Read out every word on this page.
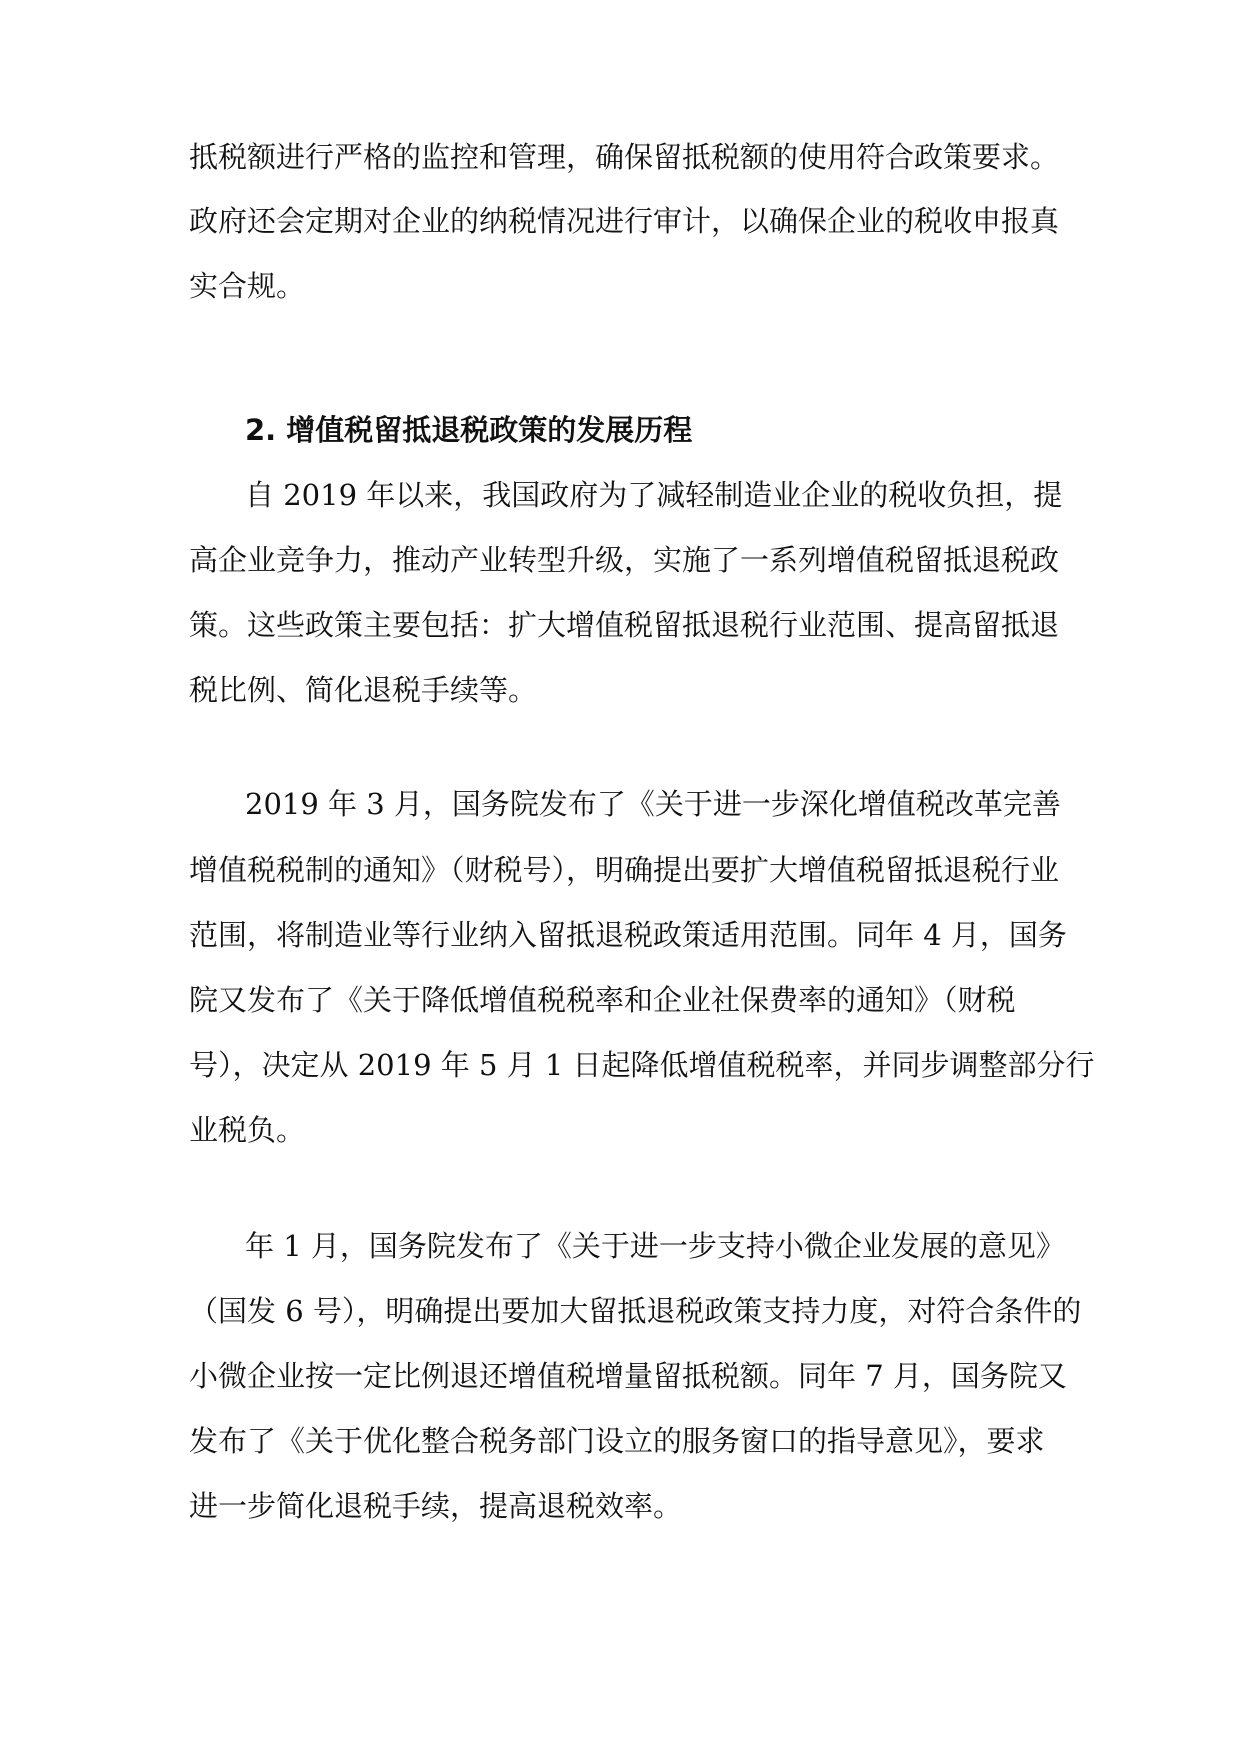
抵税额进行严格的监控和管理，确保留抵税额的使用符合政策要求。
政府还会定期对企业的纳税情况进行审计，以确保企业的税收申报真
实合规。
2. 增值税留抵退税政策的发展历程
自 2019 年以来，我国政府为了减轻制造业企业的税收负担，提
高企业竞争力，推动产业转型升级，实施了一系列增值税留抵退税政
策。这些政策主要包括：扩大增值税留抵退税行业范围、提高留抵退
税比例、简化退税手续等。
2019 年 3 月，国务院发布了《关于进一步深化增值税改革完善
增值税税制的通知》（财税号），明确提出要扩大增值税留抵退税行业
范围，将制造业等行业纳入留抵退税政策适用范围。同年 4 月，国务
院又发布了《关于降低增值税税率和企业社保费率的通知》（财税
号），决定从 2019 年 5 月 1 日起降低增值税税率，并同步调整部分行
业税负。
年 1 月，国务院发布了《关于进一步支持小微企业发展的意见》
（国发 6 号），明确提出要加大留抵退税政策支持力度，对符合条件的
小微企业按一定比例退还增值税增量留抵税额。同年 7 月，国务院又
发布了《关于优化整合税务部门设立的服务窗口的指导意见》，要求
进一步简化退税手续，提高退税效率。
